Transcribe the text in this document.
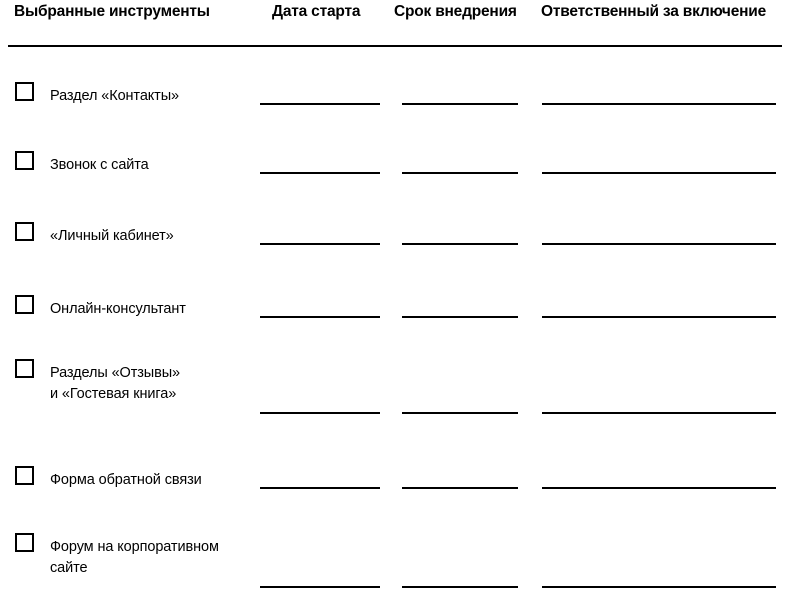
Выбранные инструменты	Дата старта Срок внедрения Ответственный за включение
Раздел «Контакты»
Звонок с сайта
«Личный кабинет»
Онлайн-консультант
Разделы «Отзывы»
и «Гостевая книга»
Форма обратной связи
Форум на корпоративном
сайте
